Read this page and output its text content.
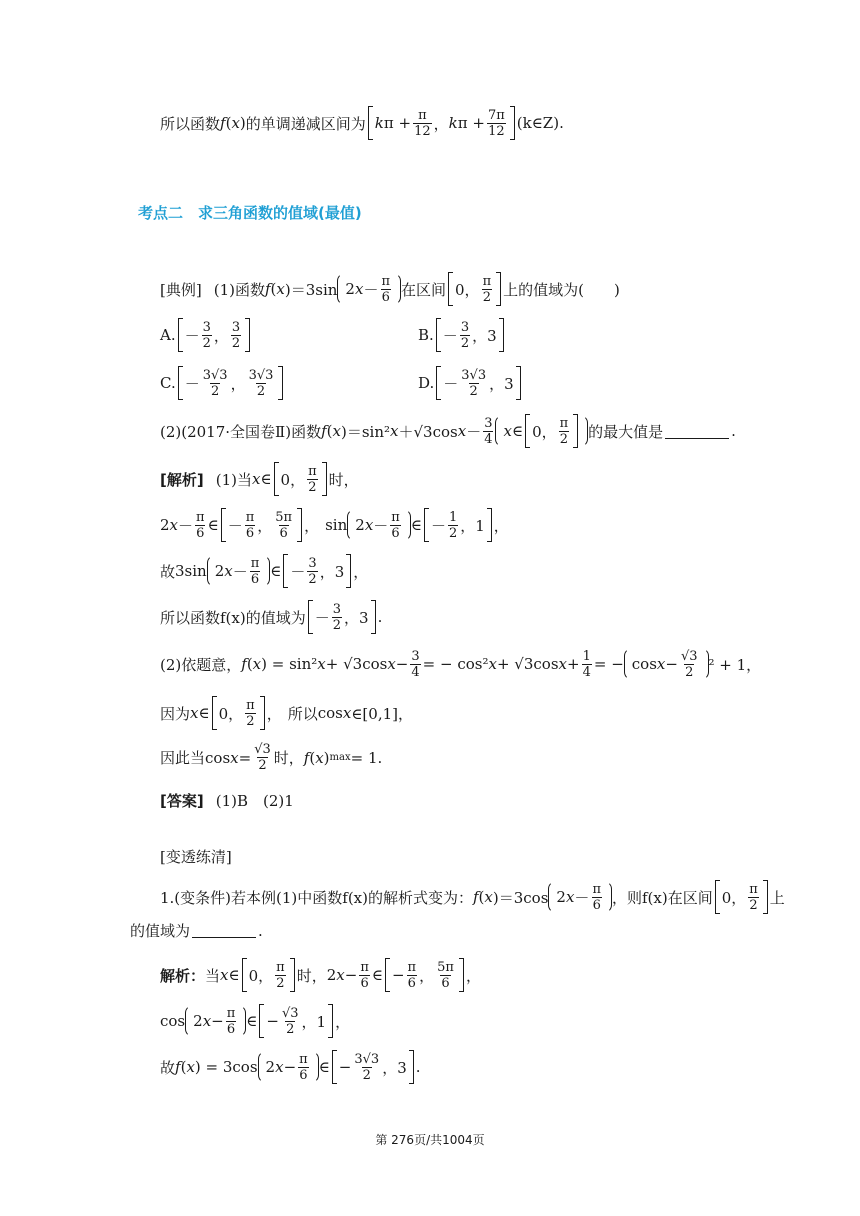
所以函数 f ( x ) 的单调递减区间为 k $\pi + \frac{\pi}{12}$ ， k $\pi + \frac{7\pi}{12}$ (k∈Z).
考点二　求三角函数的值域(最值)
[典例] (1)函数 f ( x )＝3sin 2 $x - \frac{\pi}{6}$ 在区间 0， $\frac{\pi}{2}$ 上的值域为(　　)
A. － $\frac{3}{2}$ ， $\frac{3}{2}$	B. － $\frac{3}{2}$ ，3
C. － $\frac{3√3}{2}$ ， $\frac{3√3}{2}$	D. － $\frac{3√3}{2}$ ，3
(2)(2017·全国卷Ⅱ)函数 f ( x )＝sin² x ＋√3cos $x - \frac{3}{4}$ x ∈ 0， $\frac{\pi}{2}$ 的最大值是	.
[解析] (1)当 x ∈ 0， $\frac{\pi}{2}$ 时，
2 $x - \frac{\pi}{6}$ ∈ － $\frac{\pi}{6}$ ， $\frac{5\pi}{6}$ ，
sin 2 $x - \frac{\pi}{6}$ ∈ － $\frac{1}{2}$ ，1 ，
故 3sin 2 $x - \frac{\pi}{6}$ ∈ － $\frac{3}{2}$ ，3 ，
所以函数f(x)的值域为 － $\frac{3}{2}$ ，3 .
(2)依题意， f ( x ) = sin² x + √3cos $x - \frac{3}{4}$ = − cos² x + √3cos $x + \frac{1}{4}$ = − $\cos x - \frac{√3}{2} ^2 + 1$，
因为 x ∈ 0， $\frac{\pi}{2}$ ， 所以 cos x ∈[0,1]，
因此当 $\cos x = \frac{√3}{2}$ 时， f ( x ) max = 1.
[答案] (1)B　(2)1
[变透练清]
1.(变条件)若本例(1)中函数f(x)的解析式变为： f ( x )＝3cos 2 $x - \frac{\pi}{6}$ ，则f(x)在区间 0， $\frac{\pi}{2}$ 上
的值域为	.
解析： 当 x ∈ 0， $\frac{\pi}{2}$ 时， 2 $x - \frac{\pi}{6}$ ∈ − $\frac{\pi}{6}$ ， $\frac{5\pi}{6}$ ，
cos 2 $x - \frac{\pi}{6}$ ∈ − $\frac{√3}{2}$ ，1 ，
故 f ( x ) = 3cos 2 $x - \frac{\pi}{6}$ ∈ − $\frac{3√3}{2}$ ，3 .
第 276页/共1004页
